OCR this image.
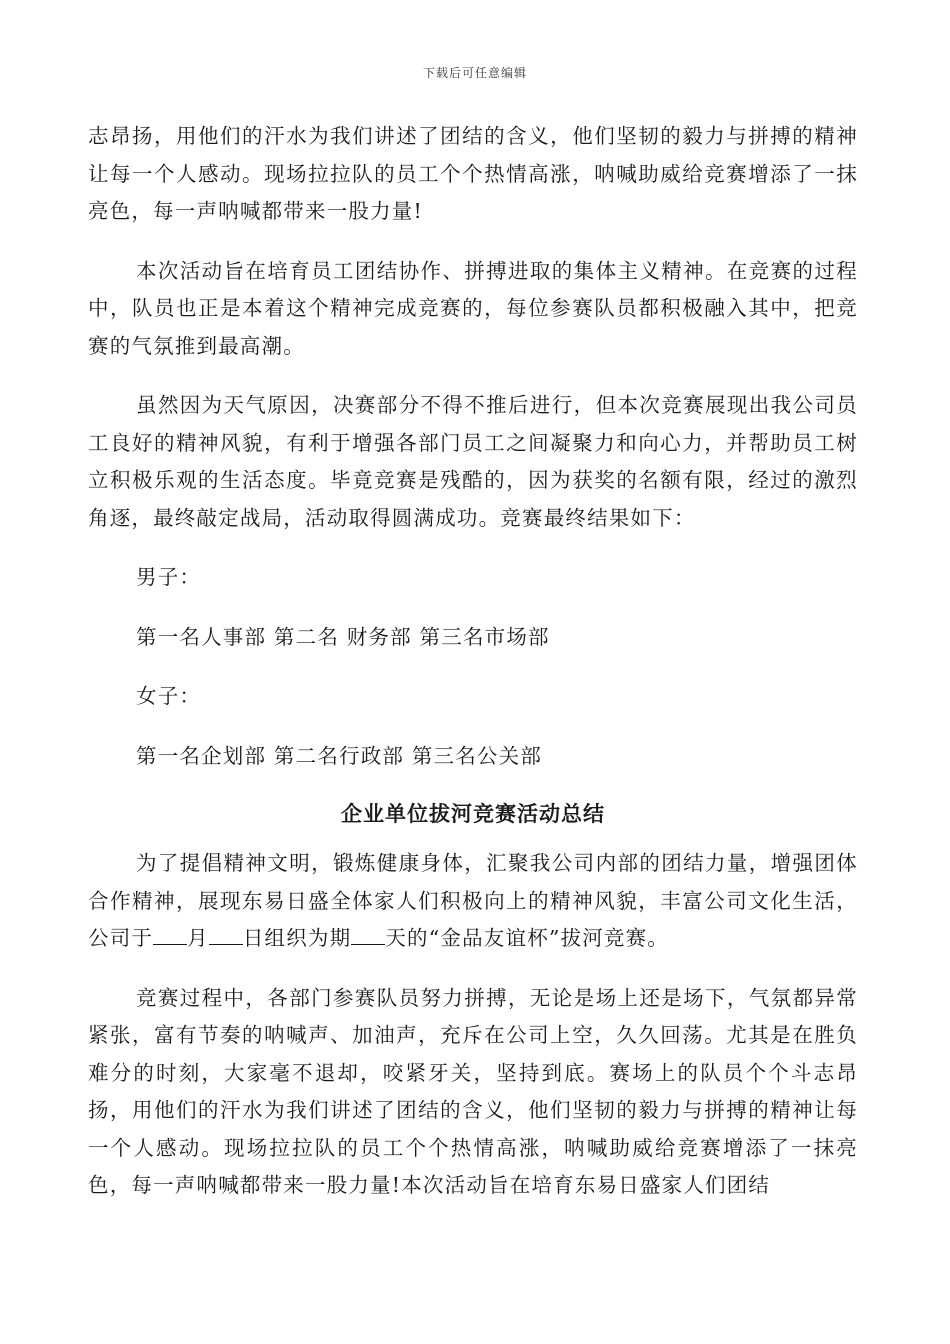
下载后可任意编辑

志昂扬，用他们的汗水为我们讲述了团结的含义，他们坚韧的毅力与拼搏的精神让每一个人感动。现场拉拉队的员工个个热情高涨，呐喊助威给竞赛增添了一抹亮色，每一声呐喊都带来一股力量!

本次活动旨在培育员工团结协作、拼搏进取的集体主义精神。在竞赛的过程中，队员也正是本着这个精神完成竞赛的，每位参赛队员都积极融入其中，把竞赛的气氛推到最高潮。

虽然因为天气原因，决赛部分不得不推后进行，但本次竞赛展现出我公司员工良好的精神风貌，有利于增强各部门员工之间凝聚力和向心力，并帮助员工树立积极乐观的生活态度。毕竟竞赛是残酷的，因为获奖的名额有限，经过的激烈角逐，最终敲定战局，活动取得圆满成功。竞赛最终结果如下：

男子：

第一名人事部 第二名 财务部 第三名市场部

女子：

第一名企划部 第二名行政部 第三名公关部

企业单位拔河竞赛活动总结

为了提倡精神文明，锻炼健康身体，汇聚我公司内部的团结力量，增强团体合作精神，展现东易日盛全体家人们积极向上的精神风貌，丰富公司文化生活，公司于 月 日组织为期 天的“金品友谊杯”拔河竞赛。

竞赛过程中，各部门参赛队员努力拼搏，无论是场上还是场下，气氛都异常紧张，富有节奏的呐喊声、加油声，充斥在公司上空，久久回荡。尤其是在胜负难分的时刻，大家毫不退却，咬紧牙关，坚持到底。赛场上的队员个个斗志昂扬，用他们的汗水为我们讲述了团结的含义，他们坚韧的毅力与拼搏的精神让每一个人感动。现场拉拉队的员工个个热情高涨，呐喊助威给竞赛增添了一抹亮色，每一声呐喊都带来一股力量!本次活动旨在培育东易日盛家人们团结
